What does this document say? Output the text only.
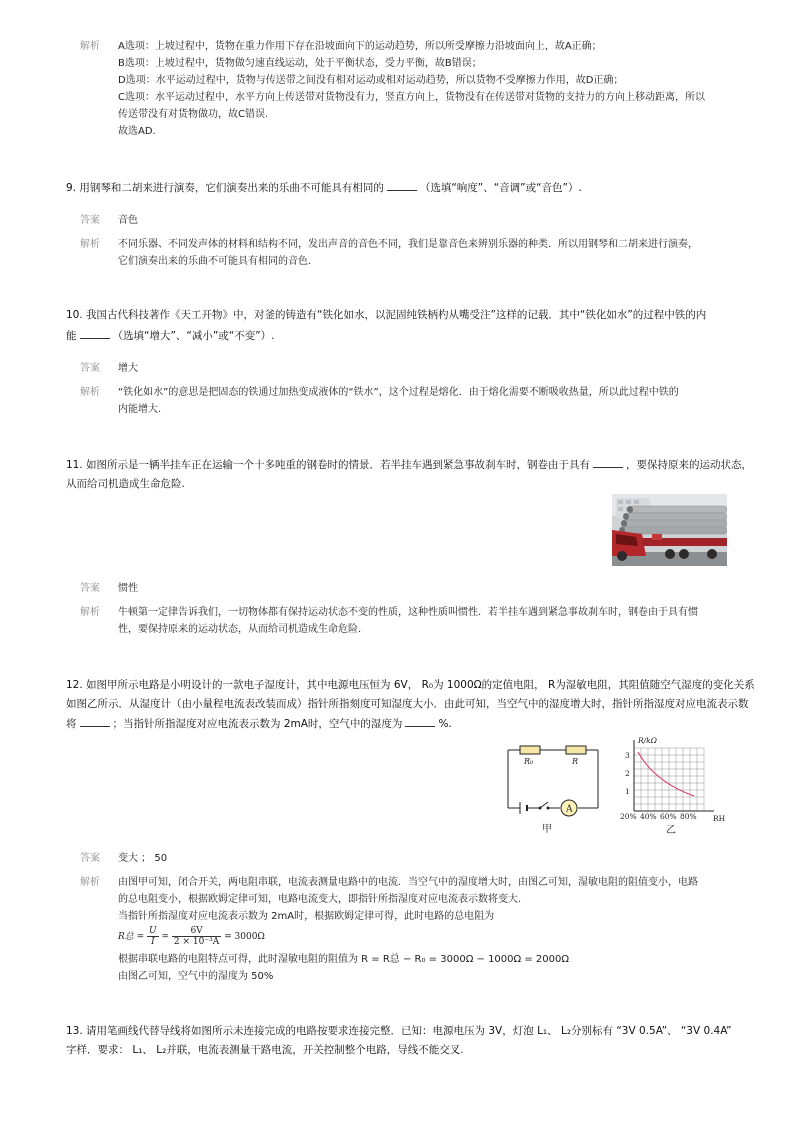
解析 A选项：上坡过程中，货物在重力作用下存在沿坡面向下的运动趋势，所以所受摩擦力沿坡面向上，故A正确；
B选项：上坡过程中，货物做匀速直线运动，处于平衡状态，受力平衡，故B错误；
D选项：水平运动过程中，货物与传送带之间没有相对运动或相对运动趋势，所以货物不受摩擦力作用，故D正确；
C选项：水平运动过程中，水平方向上传送带对货物没有力，竖直方向上，货物没有在传送带对货物的支持力的方向上移动距离，所以
传送带没有对货物做功，故C错误.
故选AD.
9. 用钢琴和二胡来进行演奏，它们演奏出来的乐曲不可能具有相同的	（选填“响度”、“音调”或“音色”）.
答案 音色
解析 不同乐器、不同发声体的材料和结构不同，发出声音的音色不同，我们是靠音色来辨别乐器的种类．所以用钢琴和二胡来进行演奏，
它们演奏出来的乐曲不可能具有相同的音色.
10. 我国古代科技著作《天工开物》中，对釜的铸造有“铁化如水，以泥固纯铁柄杓从嘴受注”这样的记载．其中“铁化如水”的过程中铁的内
能	（选填“增大”、“减小”或“不变”）.
答案 增大
解析 “铁化如水”的意思是把固态的铁通过加热变成液体的“铁水”，这个过程是熔化．由于熔化需要不断吸收热量，所以此过程中铁的
内能增大.
11. 如图所示是一辆半挂车正在运输一个十多吨重的钢卷时的情景．若半挂车遇到紧急事故刹车时，钢卷由于具有	，要保持原来的运动状态，
从而给司机造成生命危险.
答案 惯性
解析 牛顿第一定律告诉我们，一切物体都有保持运动状态不变的性质，这种性质叫惯性．若半挂车遇到紧急事故刹车时，钢卷由于具有惯
性，要保持原来的运动状态，从而给司机造成生命危险.
12. 如图甲所示电路是小明设计的一款电子湿度计，其中电源电压恒为 6V， R₀为 1000Ω的定值电阻， R为湿敏电阻，其阻值随空气湿度的变化关系
如图乙所示．从湿度计（由小量程电流表改装而成）指针所指刻度可知湿度大小．由此可知，当空气中的湿度增大时，指针所指湿度对应电流表示数
将	；当指针所指湿度对应电流表示数为 2mA时，空气中的湿度为	%.
R₀	R
A
甲
R/kΩ
3
2
1
20% 40% 60% 80% RH
乙
答案 变大 ； 50
解析 由图甲可知，闭合开关，两电阻串联，电流表测量电路中的电流．当空气中的湿度增大时，由图乙可知，湿敏电阻的阻值变小，电路
的总电阻变小，根据欧姆定律可知，电路电流变大，即指针所指湿度对应电流表示数将变大.
当指针所指湿度对应电流表示数为 2mA时，根据欧姆定律可得，此时电路的总电阻为
R总 = $\frac{U}{I} = \frac{6V}{\text{2 × 10⁻³A}} = 3000\Omega$
根据串联电路的电阻特点可得，此时湿敏电阻的阻值为 R = R总 − R₀ = 3000Ω − 1000Ω = 2000Ω
由图乙可知，空气中的湿度为 50%
13. 请用笔画线代替导线将如图所示未连接完成的电路按要求连接完整．已知：电源电压为 3V，灯泡 L₁、 L₂分别标有 “3V 0.5A”、 “3V 0.4A”
字样．要求： L₁、 L₂并联，电流表测量干路电流，开关控制整个电路，导线不能交叉.
